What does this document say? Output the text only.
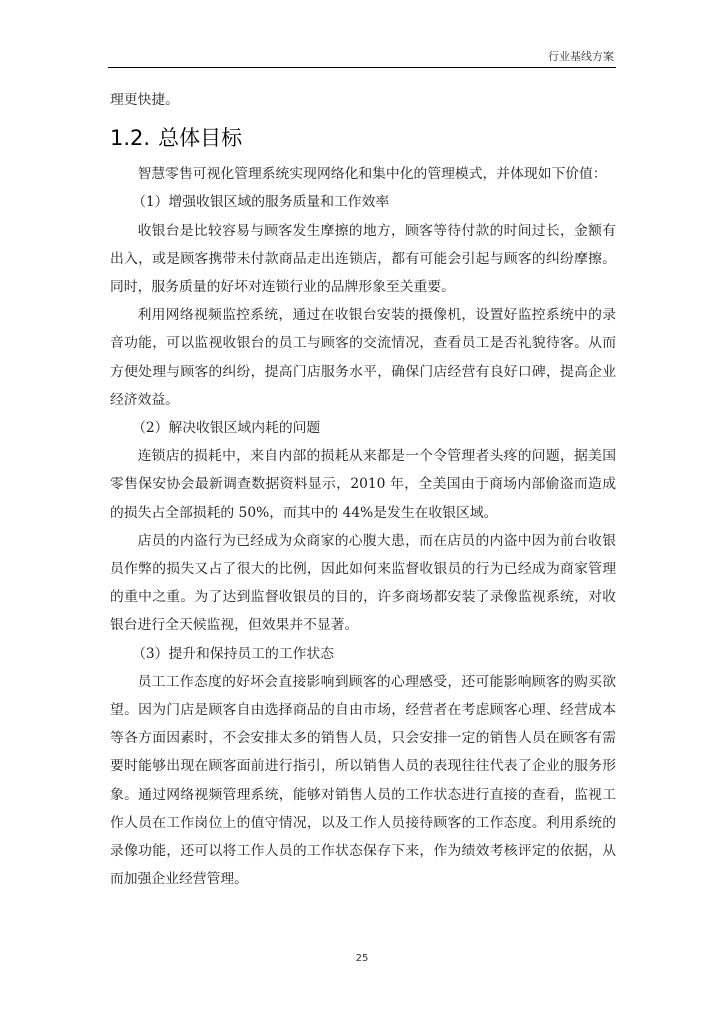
行业基线方案

理更快捷。

1.2. 总体目标

智慧零售可视化管理系统实现网络化和集中化的管理模式，并体现如下价值：

（1）增强收银区域的服务质量和工作效率

收银台是比较容易与顾客发生摩擦的地方，顾客等待付款的时间过长，金额有出入，或是顾客携带未付款商品走出连锁店，都有可能会引起与顾客的纠纷摩擦。同时，服务质量的好坏对连锁行业的品牌形象至关重要。

利用网络视频监控系统，通过在收银台安装的摄像机，设置好监控系统中的录音功能，可以监视收银台的员工与顾客的交流情况，查看员工是否礼貌待客。从而方便处理与顾客的纠纷，提高门店服务水平，确保门店经营有良好口碑，提高企业经济效益。

（2）解决收银区域内耗的问题

连锁店的损耗中，来自内部的损耗从来都是一个令管理者头疼的问题，据美国零售保安协会最新调查数据资料显示，2010 年，全美国由于商场内部偷盗而造成的损失占全部损耗的 50%，而其中的 44%是发生在收银区域。

店员的内盗行为已经成为众商家的心腹大患，而在店员的内盗中因为前台收银员作弊的损失又占了很大的比例，因此如何来监督收银员的行为已经成为商家管理的重中之重。为了达到监督收银员的目的，许多商场都安装了录像监视系统，对收银台进行全天候监视，但效果并不显著。

（3）提升和保持员工的工作状态

员工工作态度的好坏会直接影响到顾客的心理感受，还可能影响顾客的购买欲望。因为门店是顾客自由选择商品的自由市场，经营者在考虑顾客心理、经营成本等各方面因素时，不会安排太多的销售人员，只会安排一定的销售人员在顾客有需要时能够出现在顾客面前进行指引，所以销售人员的表现往往代表了企业的服务形象。通过网络视频管理系统，能够对销售人员的工作状态进行直接的查看，监视工作人员在工作岗位上的值守情况，以及工作人员接待顾客的工作态度。利用系统的录像功能，还可以将工作人员的工作状态保存下来，作为绩效考核评定的依据，从而加强企业经营管理。

25
